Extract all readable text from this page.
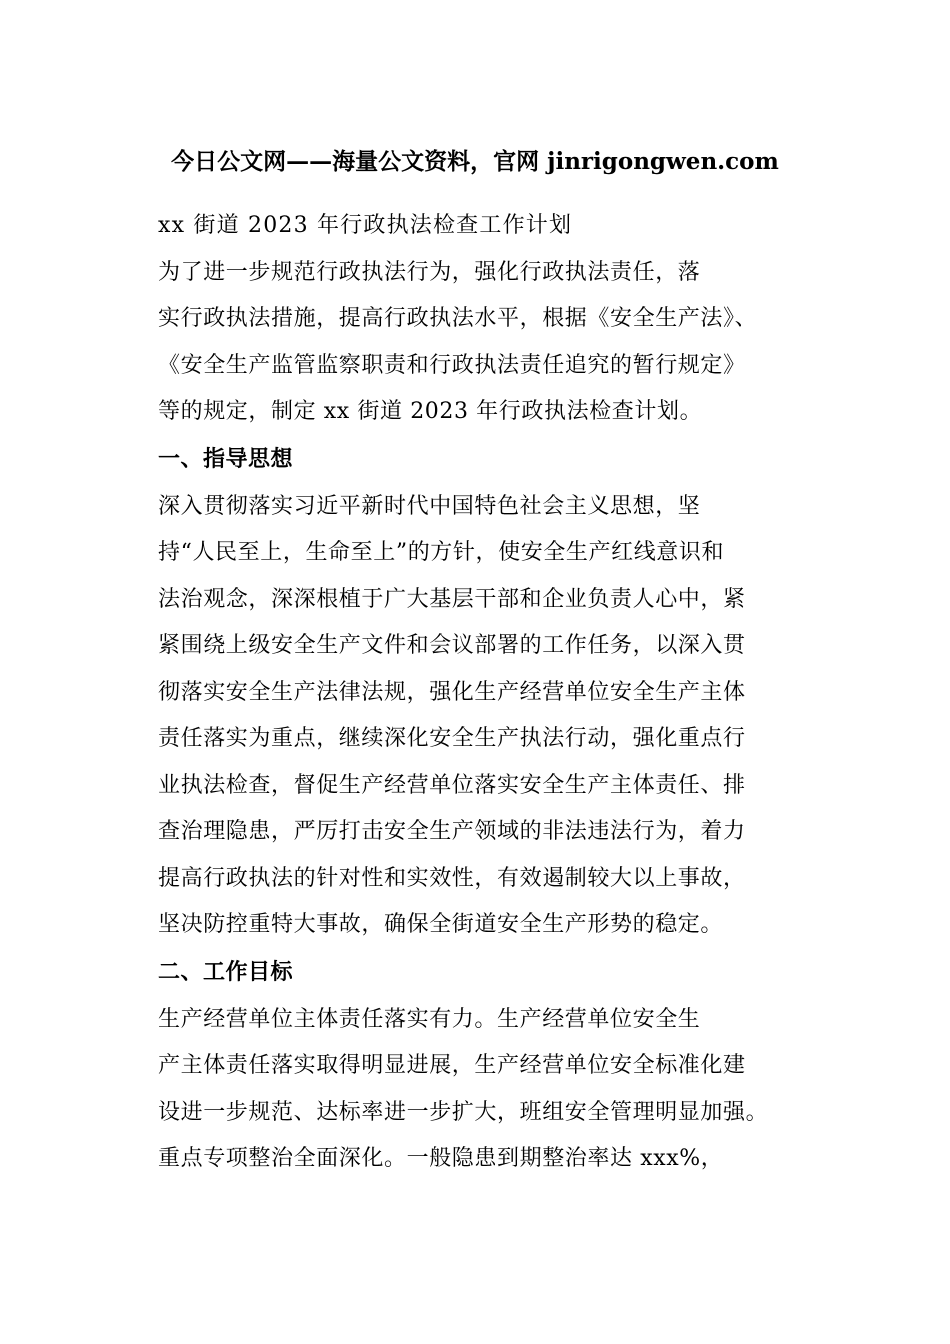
今日公文网——海量公文资料，官网 jinrigongwen.com
xx 街道 2023 年行政执法检查工作计划
为了进一步规范行政执法行为，强化行政执法责任，落
实行政执法措施，提高行政执法水平，根据《安全生产法》、
《安全生产监管监察职责和行政执法责任追究的暂行规定》
等的规定，制定 xx 街道 2023 年行政执法检查计划。
一、指导思想
深入贯彻落实习近平新时代中国特色社会主义思想，坚
持“人民至上，生命至上”的方针，使安全生产红线意识和
法治观念，深深根植于广大基层干部和企业负责人心中，紧
紧围绕上级安全生产文件和会议部署的工作任务，以深入贯
彻落实安全生产法律法规，强化生产经营单位安全生产主体
责任落实为重点，继续深化安全生产执法行动，强化重点行
业执法检查，督促生产经营单位落实安全生产主体责任、排
查治理隐患，严厉打击安全生产领域的非法违法行为，着力
提高行政执法的针对性和实效性，有效遏制较大以上事故，
坚决防控重特大事故，确保全街道安全生产形势的稳定。
二、工作目标
生产经营单位主体责任落实有力。生产经营单位安全生
产主体责任落实取得明显进展，生产经营单位安全标准化建
设进一步规范、达标率进一步扩大，班组安全管理明显加强。
重点专项整治全面深化。一般隐患到期整治率达 xxx%，
